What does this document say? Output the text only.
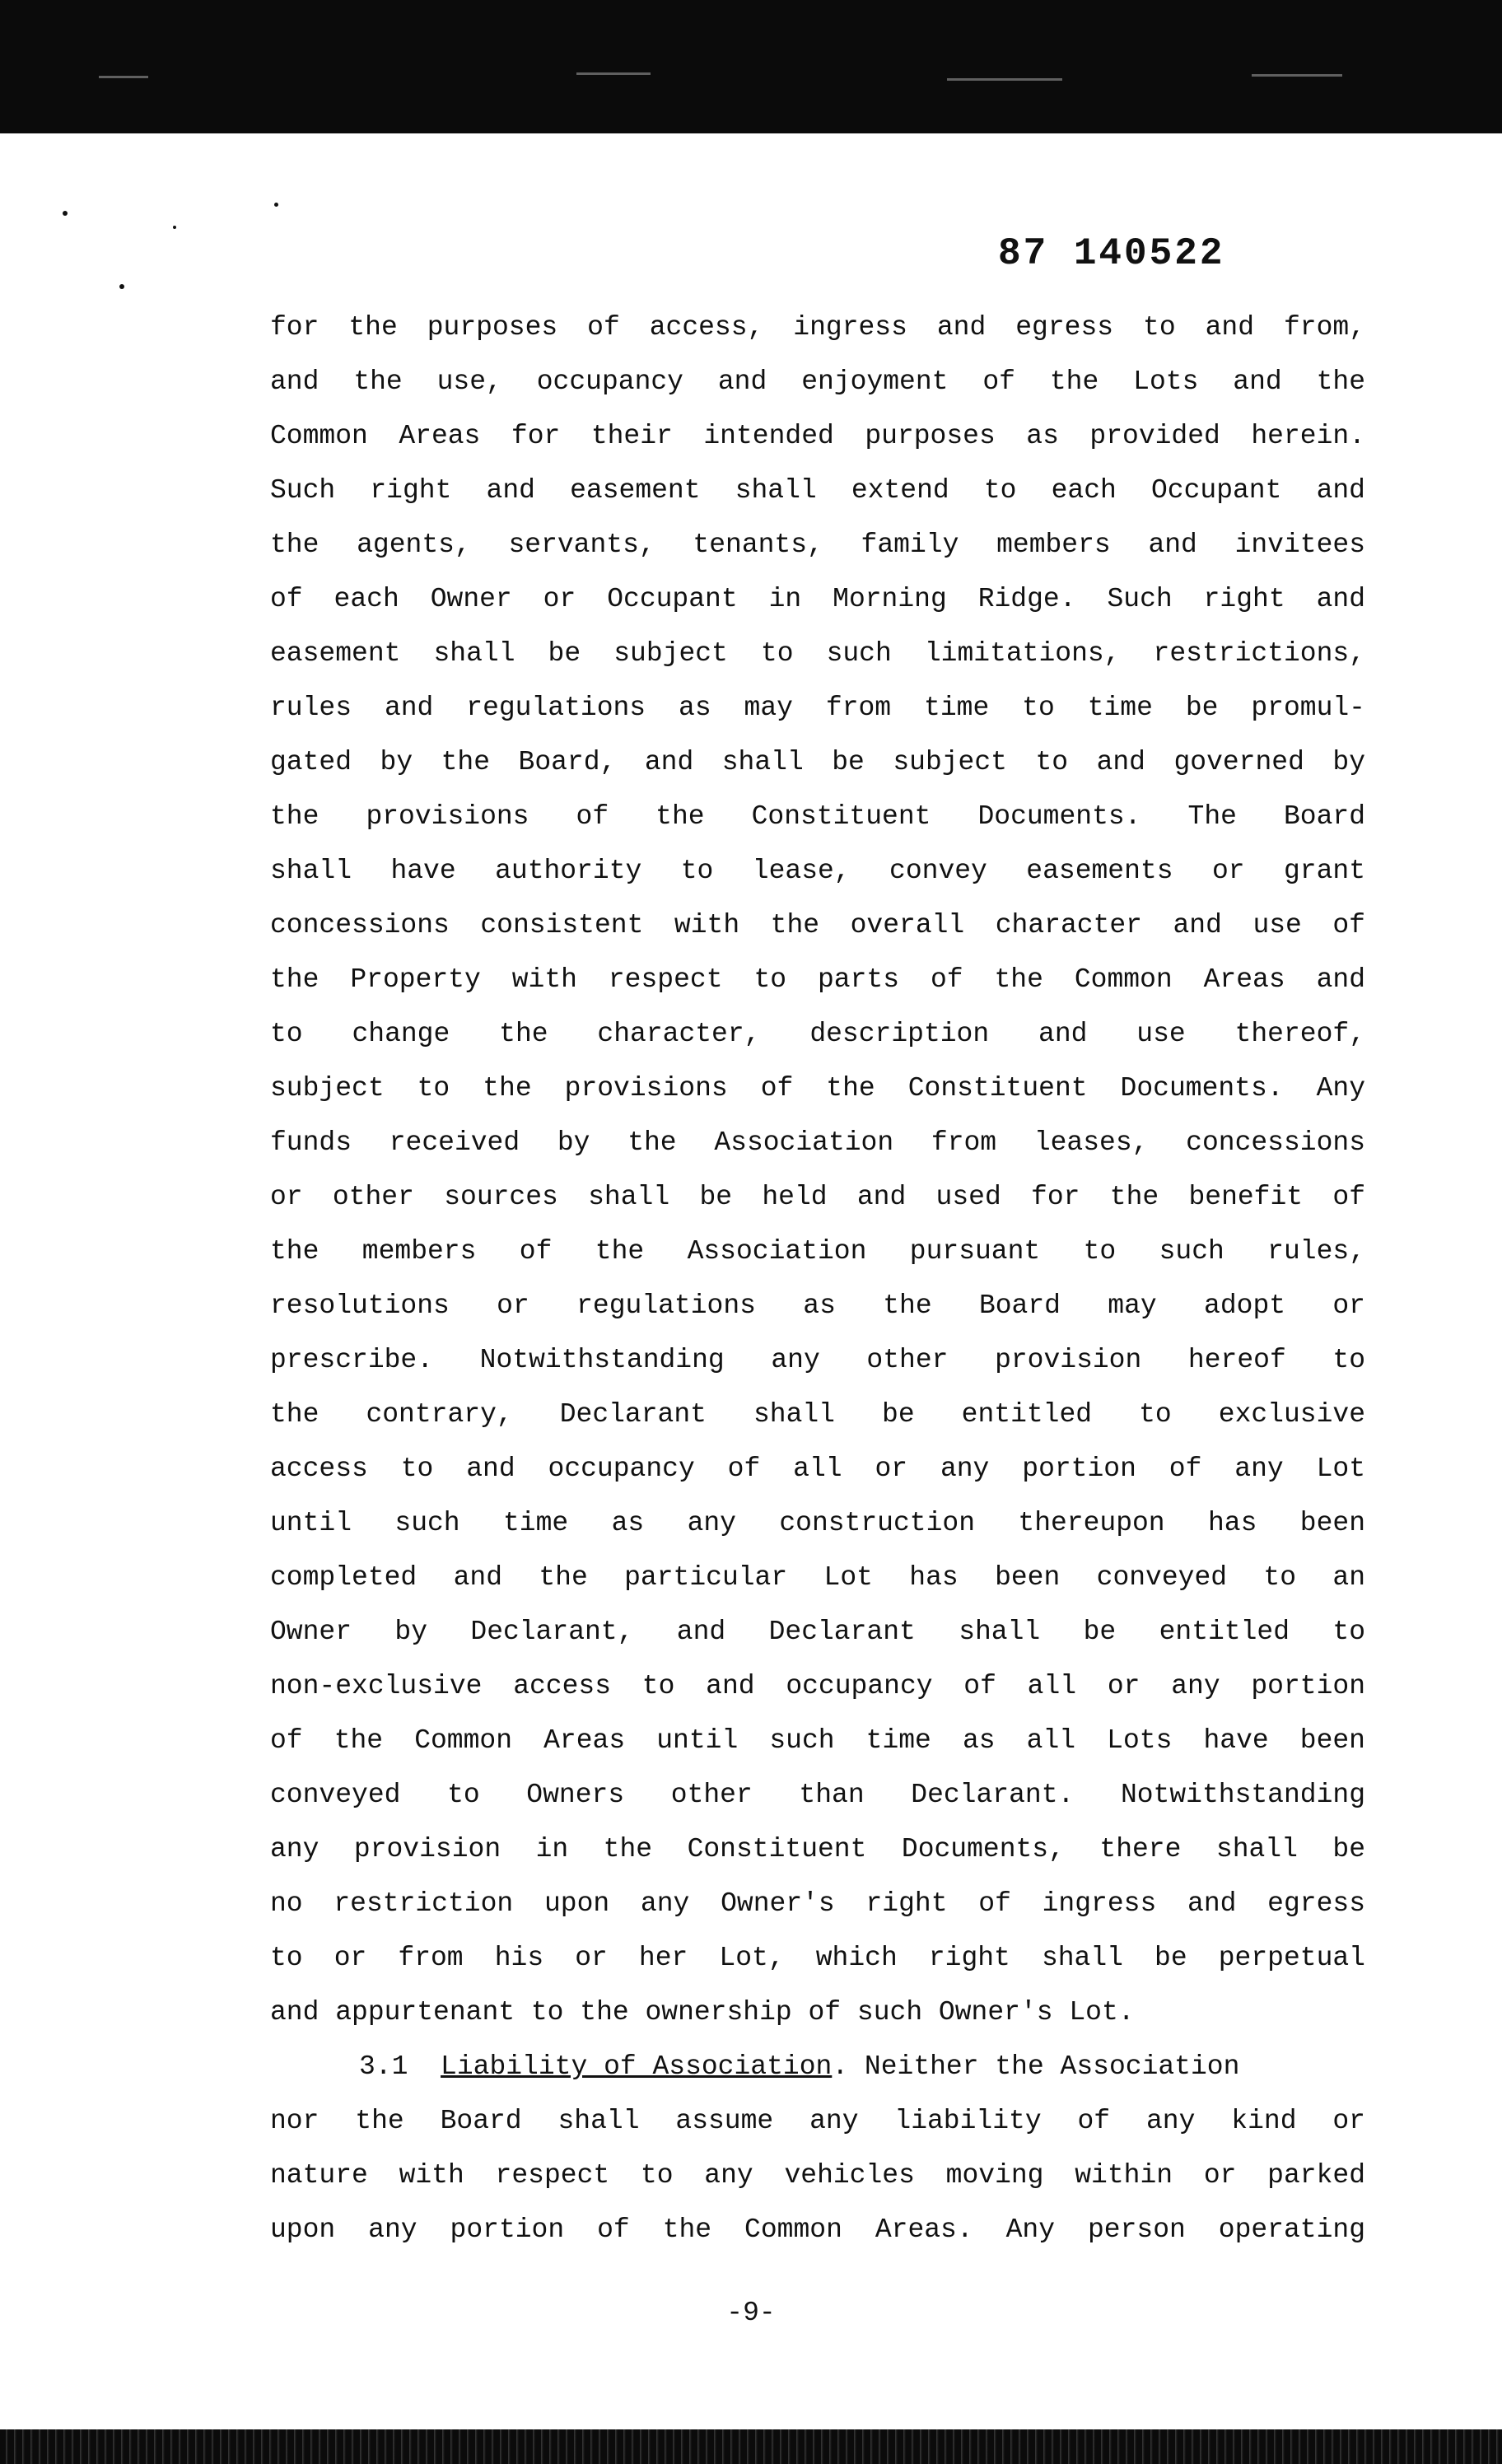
87 140522
for the purposes of access, ingress and egress to and from,
and the use, occupancy and enjoyment of the Lots and the
Common Areas for their intended purposes as provided herein.
Such right and easement shall extend to each Occupant and
the agents, servants, tenants, family members and invitees
of each Owner or Occupant in Morning Ridge. Such right and
easement shall be subject to such limitations, restrictions,
rules and regulations as may from time to time be promul-
gated by the Board, and shall be subject to and governed by
the provisions of the Constituent Documents. The Board
shall have authority to lease, convey easements or grant
concessions consistent with the overall character and use of
the Property with respect to parts of the Common Areas and
to change the character, description and use thereof,
subject to the provisions of the Constituent Documents. Any
funds received by the Association from leases, concessions
or other sources shall be held and used for the benefit of
the members of the Association pursuant to such rules,
resolutions or regulations as the Board may adopt or
prescribe. Notwithstanding any other provision hereof to
the contrary, Declarant shall be entitled to exclusive
access to and occupancy of all or any portion of any Lot
until such time as any construction thereupon has been
completed and the particular Lot has been conveyed to an
Owner by Declarant, and Declarant shall be entitled to
non-exclusive access to and occupancy of all or any portion
of the Common Areas until such time as all Lots have been
conveyed to Owners other than Declarant. Notwithstanding
any provision in the Constituent Documents, there shall be
no restriction upon any Owner's right of ingress and egress
to or from his or her Lot, which right shall be perpetual
and appurtenant to the ownership of such Owner's Lot.
3.1 Liability of Association. Neither the Association
nor the Board shall assume any liability of any kind or
nature with respect to any vehicles moving within or parked
upon any portion of the Common Areas. Any person operating
-9-
